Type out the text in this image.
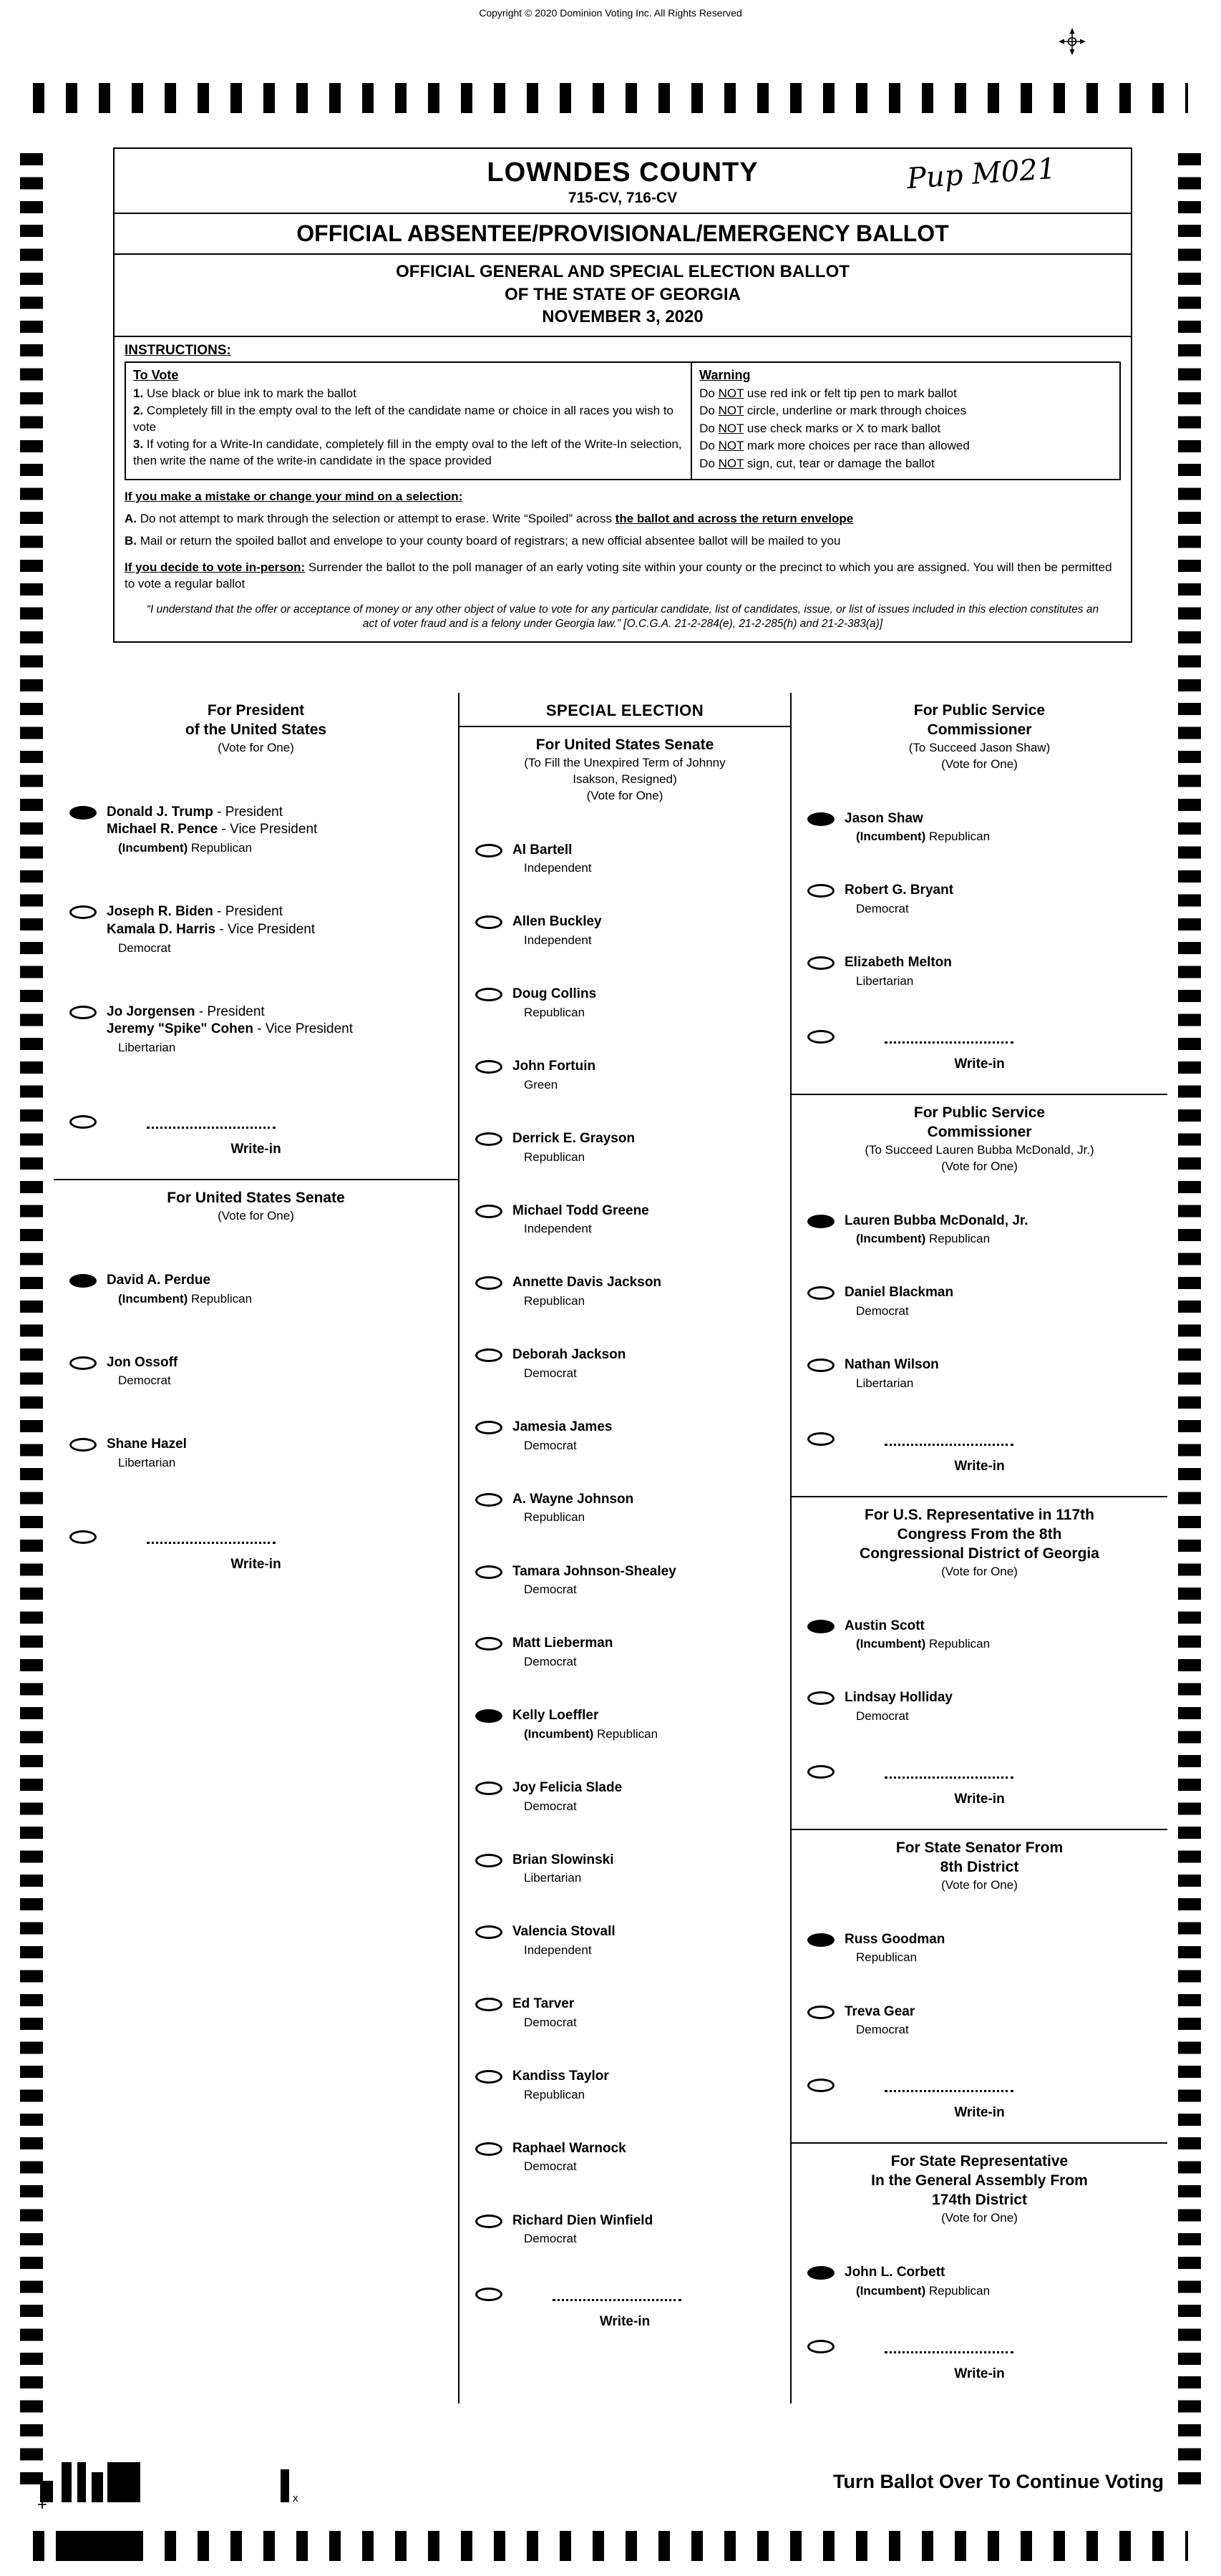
Copyright © 2020 Dominion Voting Inc. All Rights Reserved
LOWNDES COUNTY
715-CV, 716-CV
Pup M021
OFFICIAL ABSENTEE/PROVISIONAL/EMERGENCY BALLOT
OFFICIAL GENERAL AND SPECIAL ELECTION BALLOT
OF THE STATE OF GEORGIA
NOVEMBER 3, 2020
INSTRUCTIONS:
To Vote
1. Use black or blue ink to mark the ballot
2. Completely fill in the empty oval to the left of the candidate name or choice in all races you wish to vote
3. If voting for a Write-In candidate, completely fill in the empty oval to the left of the Write-In selection, then write the name of the write-in candidate in the space provided
Warning
Do NOT use red ink or felt tip pen to mark ballot
Do NOT circle, underline or mark through choices
Do NOT use check marks or X to mark ballot
Do NOT mark more choices per race than allowed
Do NOT sign, cut, tear or damage the ballot
If you make a mistake or change your mind on a selection:
A. Do not attempt to mark through the selection or attempt to erase. Write “Spoiled” across the ballot and across the return envelope
B. Mail or return the spoiled ballot and envelope to your county board of registrars; a new official absentee ballot will be mailed to you
If you decide to vote in-person: Surrender the ballot to the poll manager of an early voting site within your county or the precinct to which you are assigned. You will then be permitted to vote a regular ballot
“I understand that the offer or acceptance of money or any other object of value to vote for any particular candidate, list of candidates, issue, or list of issues included in this election constitutes an act of voter fraud and is a felony under Georgia law.” [O.C.G.A. 21-2-284(e), 21-2-285(h) and 21-2-383(a)]
For President
of the United States
(Vote for One)
Donald J. Trump - President
Michael R. Pence - Vice President
(Incumbent) Republican
Joseph R. Biden - President
Kamala D. Harris - Vice President
Democrat
Jo Jorgensen - President
Jeremy "Spike" Cohen - Vice President
Libertarian
Write-in
For United States Senate
(Vote for One)
David A. Perdue
(Incumbent) Republican
Jon Ossoff
Democrat
Shane Hazel
Libertarian
Write-in
SPECIAL ELECTION
For United States Senate
(To Fill the Unexpired Term of Johnny
Isakson, Resigned)
(Vote for One)
Al Bartell
Independent
Allen Buckley
Independent
Doug Collins
Republican
John Fortuin
Green
Derrick E. Grayson
Republican
Michael Todd Greene
Independent
Annette Davis Jackson
Republican
Deborah Jackson
Democrat
Jamesia James
Democrat
A. Wayne Johnson
Republican
Tamara Johnson-Shealey
Democrat
Matt Lieberman
Democrat
Kelly Loeffler
(Incumbent) Republican
Joy Felicia Slade
Democrat
Brian Slowinski
Libertarian
Valencia Stovall
Independent
Ed Tarver
Democrat
Kandiss Taylor
Republican
Raphael Warnock
Democrat
Richard Dien Winfield
Democrat
Write-in
For Public Service
Commissioner
(To Succeed Jason Shaw)
(Vote for One)
Jason Shaw
(Incumbent) Republican
Robert G. Bryant
Democrat
Elizabeth Melton
Libertarian
Write-in
For Public Service
Commissioner
(To Succeed Lauren Bubba McDonald, Jr.)
(Vote for One)
Lauren Bubba McDonald, Jr.
(Incumbent) Republican
Daniel Blackman
Democrat
Nathan Wilson
Libertarian
Write-in
For U.S. Representative in 117th
Congress From the 8th
Congressional District of Georgia
(Vote for One)
Austin Scott
(Incumbent) Republican
Lindsay Holliday
Democrat
Write-in
For State Senator From
8th District
(Vote for One)
Russ Goodman
Republican
Treva Gear
Democrat
Write-in
For State Representative
In the General Assembly From
174th District
(Vote for One)
John L. Corbett
(Incumbent) Republican
Write-in
x
Turn Ballot Over To Continue Voting
+
